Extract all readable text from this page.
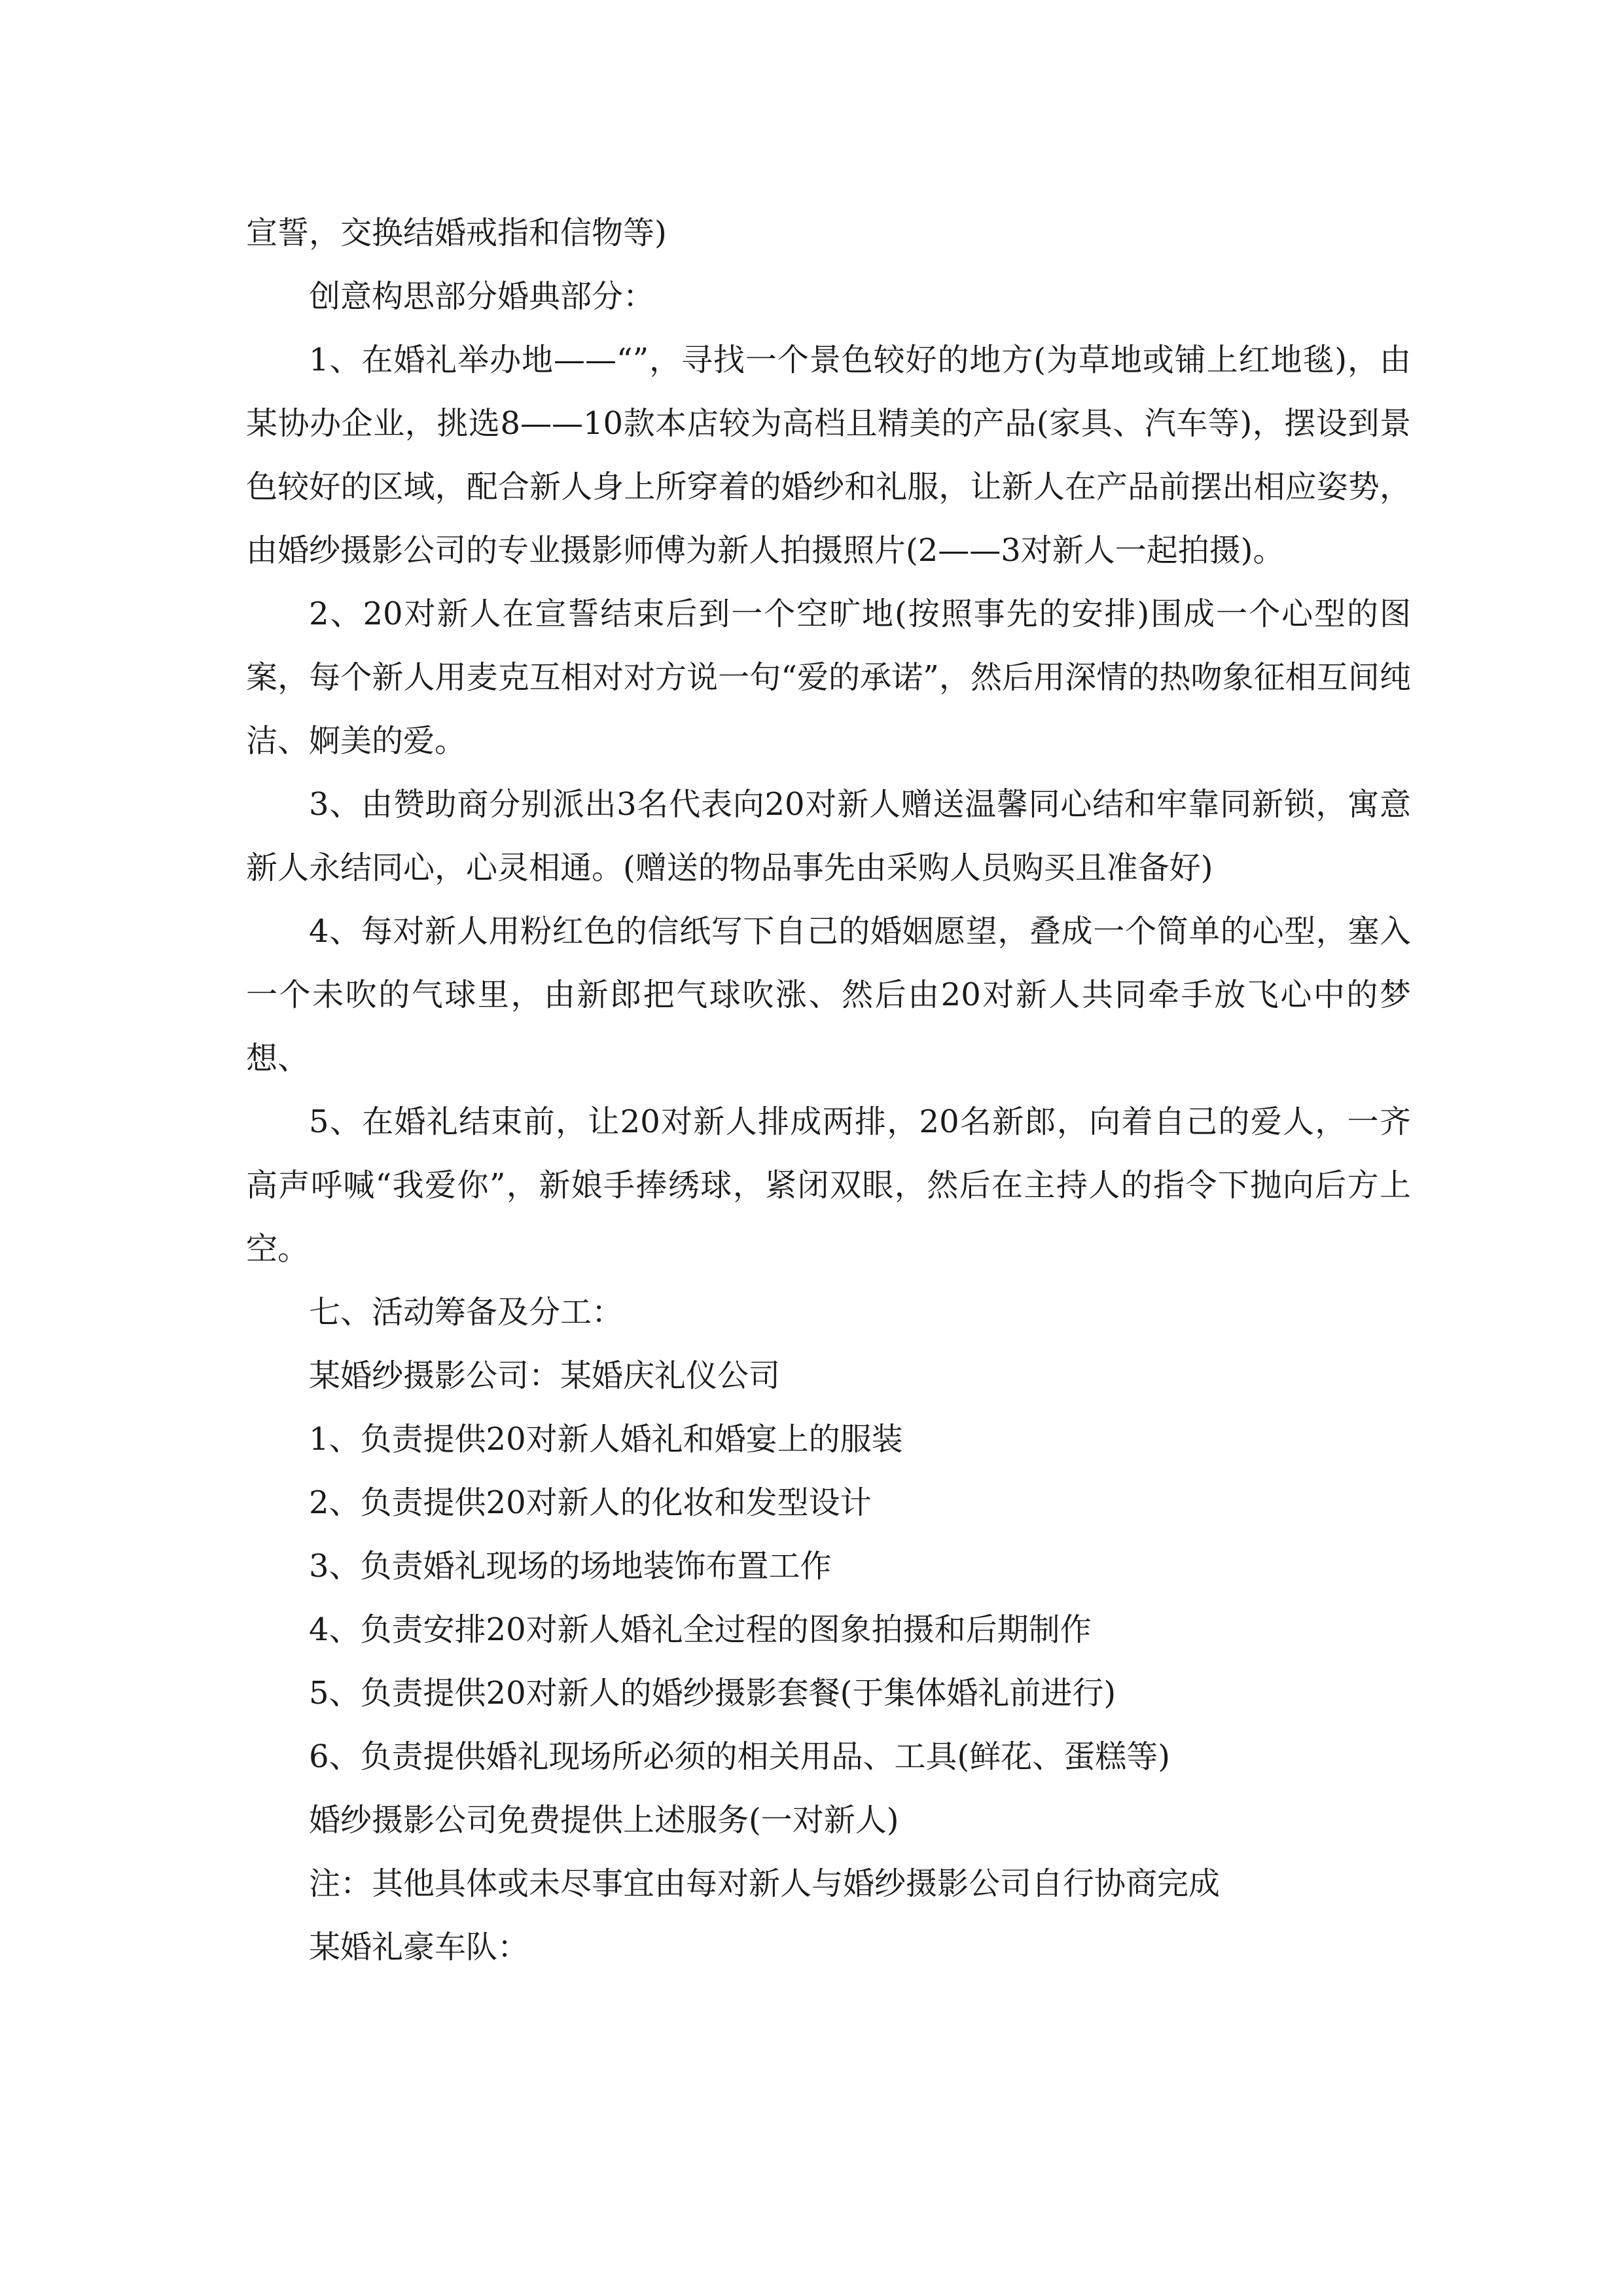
宣誓，交换结婚戒指和信物等)

创意构思部分婚典部分：

1、在婚礼举办地——“”，寻找一个景色较好的地方(为草地或铺上红地毯)，由某协办企业，挑选8——10款本店较为高档且精美的产品(家具、汽车等)，摆设到景色较好的区域，配合新人身上所穿着的婚纱和礼服，让新人在产品前摆出相应姿势，由婚纱摄影公司的专业摄影师傅为新人拍摄照片(2——3对新人一起拍摄)。

2、20对新人在宣誓结束后到一个空旷地(按照事先的安排)围成一个心型的图案，每个新人用麦克互相对对方说一句“爱的承诺”，然后用深情的热吻象征相互间纯洁、婀美的爱。

3、由赞助商分别派出3名代表向20对新人赠送温馨同心结和牢靠同新锁，寓意新人永结同心，心灵相通。(赠送的物品事先由采购人员购买且准备好)

4、每对新人用粉红色的信纸写下自己的婚姻愿望，叠成一个简单的心型，塞入一个未吹的气球里，由新郎把气球吹涨、然后由20对新人共同牵手放飞心中的梦想、

5、在婚礼结束前，让20对新人排成两排，20名新郎，向着自己的爱人，一齐高声呼喊“我爱你”，新娘手捧绣球，紧闭双眼，然后在主持人的指令下抛向后方上空。

七、活动筹备及分工：

某婚纱摄影公司：某婚庆礼仪公司

1、负责提供20对新人婚礼和婚宴上的服装

2、负责提供20对新人的化妆和发型设计

3、负责婚礼现场的场地装饰布置工作

4、负责安排20对新人婚礼全过程的图象拍摄和后期制作

5、负责提供20对新人的婚纱摄影套餐(于集体婚礼前进行)

6、负责提供婚礼现场所必须的相关用品、工具(鲜花、蛋糕等)

婚纱摄影公司免费提供上述服务(一对新人)

注：其他具体或未尽事宜由每对新人与婚纱摄影公司自行协商完成

某婚礼豪车队：
